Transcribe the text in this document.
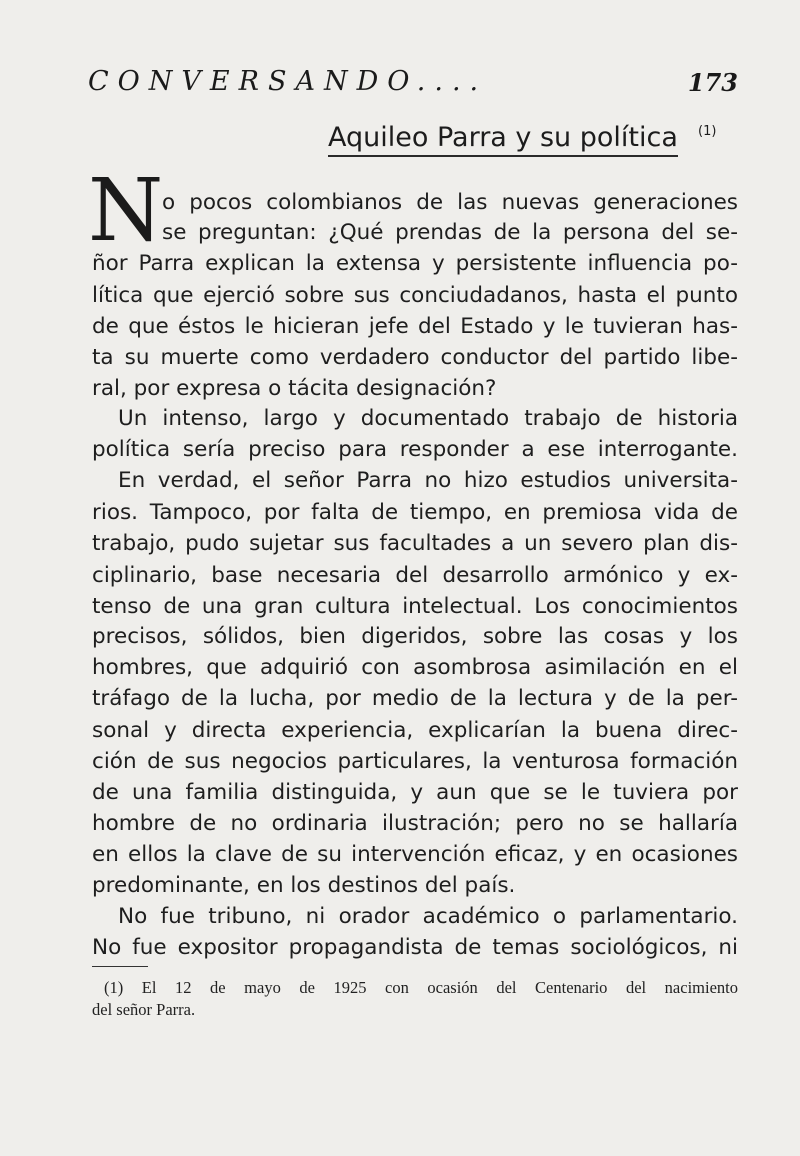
CONVERSANDO....	173
Aquileo Parra y su política (1)
N
o pocos colombianos de las nuevas generaciones
se preguntan: ¿Qué prendas de la persona del se-
ñor Parra explican la extensa y persistente influencia po-
lítica que ejerció sobre sus conciudadanos, hasta el punto
de que éstos le hicieran jefe del Estado y le tuvieran has-
ta su muerte como verdadero conductor del partido libe-
ral, por expresa o tácita designación?
Un intenso, largo y documentado trabajo de historia
política sería preciso para responder a ese interrogante.
En verdad, el señor Parra no hizo estudios universita-
rios. Tampoco, por falta de tiempo, en premiosa vida de
trabajo, pudo sujetar sus facultades a un severo plan dis-
ciplinario, base necesaria del desarrollo armónico y ex-
tenso de una gran cultura intelectual. Los conocimientos
precisos, sólidos, bien digeridos, sobre las cosas y los
hombres, que adquirió con asombrosa asimilación en el
tráfago de la lucha, por medio de la lectura y de la per-
sonal y directa experiencia, explicarían la buena direc-
ción de sus negocios particulares, la venturosa formación
de una familia distinguida, y aun que se le tuviera por
hombre de no ordinaria ilustración; pero no se hallaría
en ellos la clave de su intervención eficaz, y en ocasiones
predominante, en los destinos del país.
No fue tribuno, ni orador académico o parlamentario.
No fue expositor propagandista de temas sociológicos, ni
(1) El 12 de mayo de 1925 con ocasión del Centenario del nacimiento
del señor Parra.
